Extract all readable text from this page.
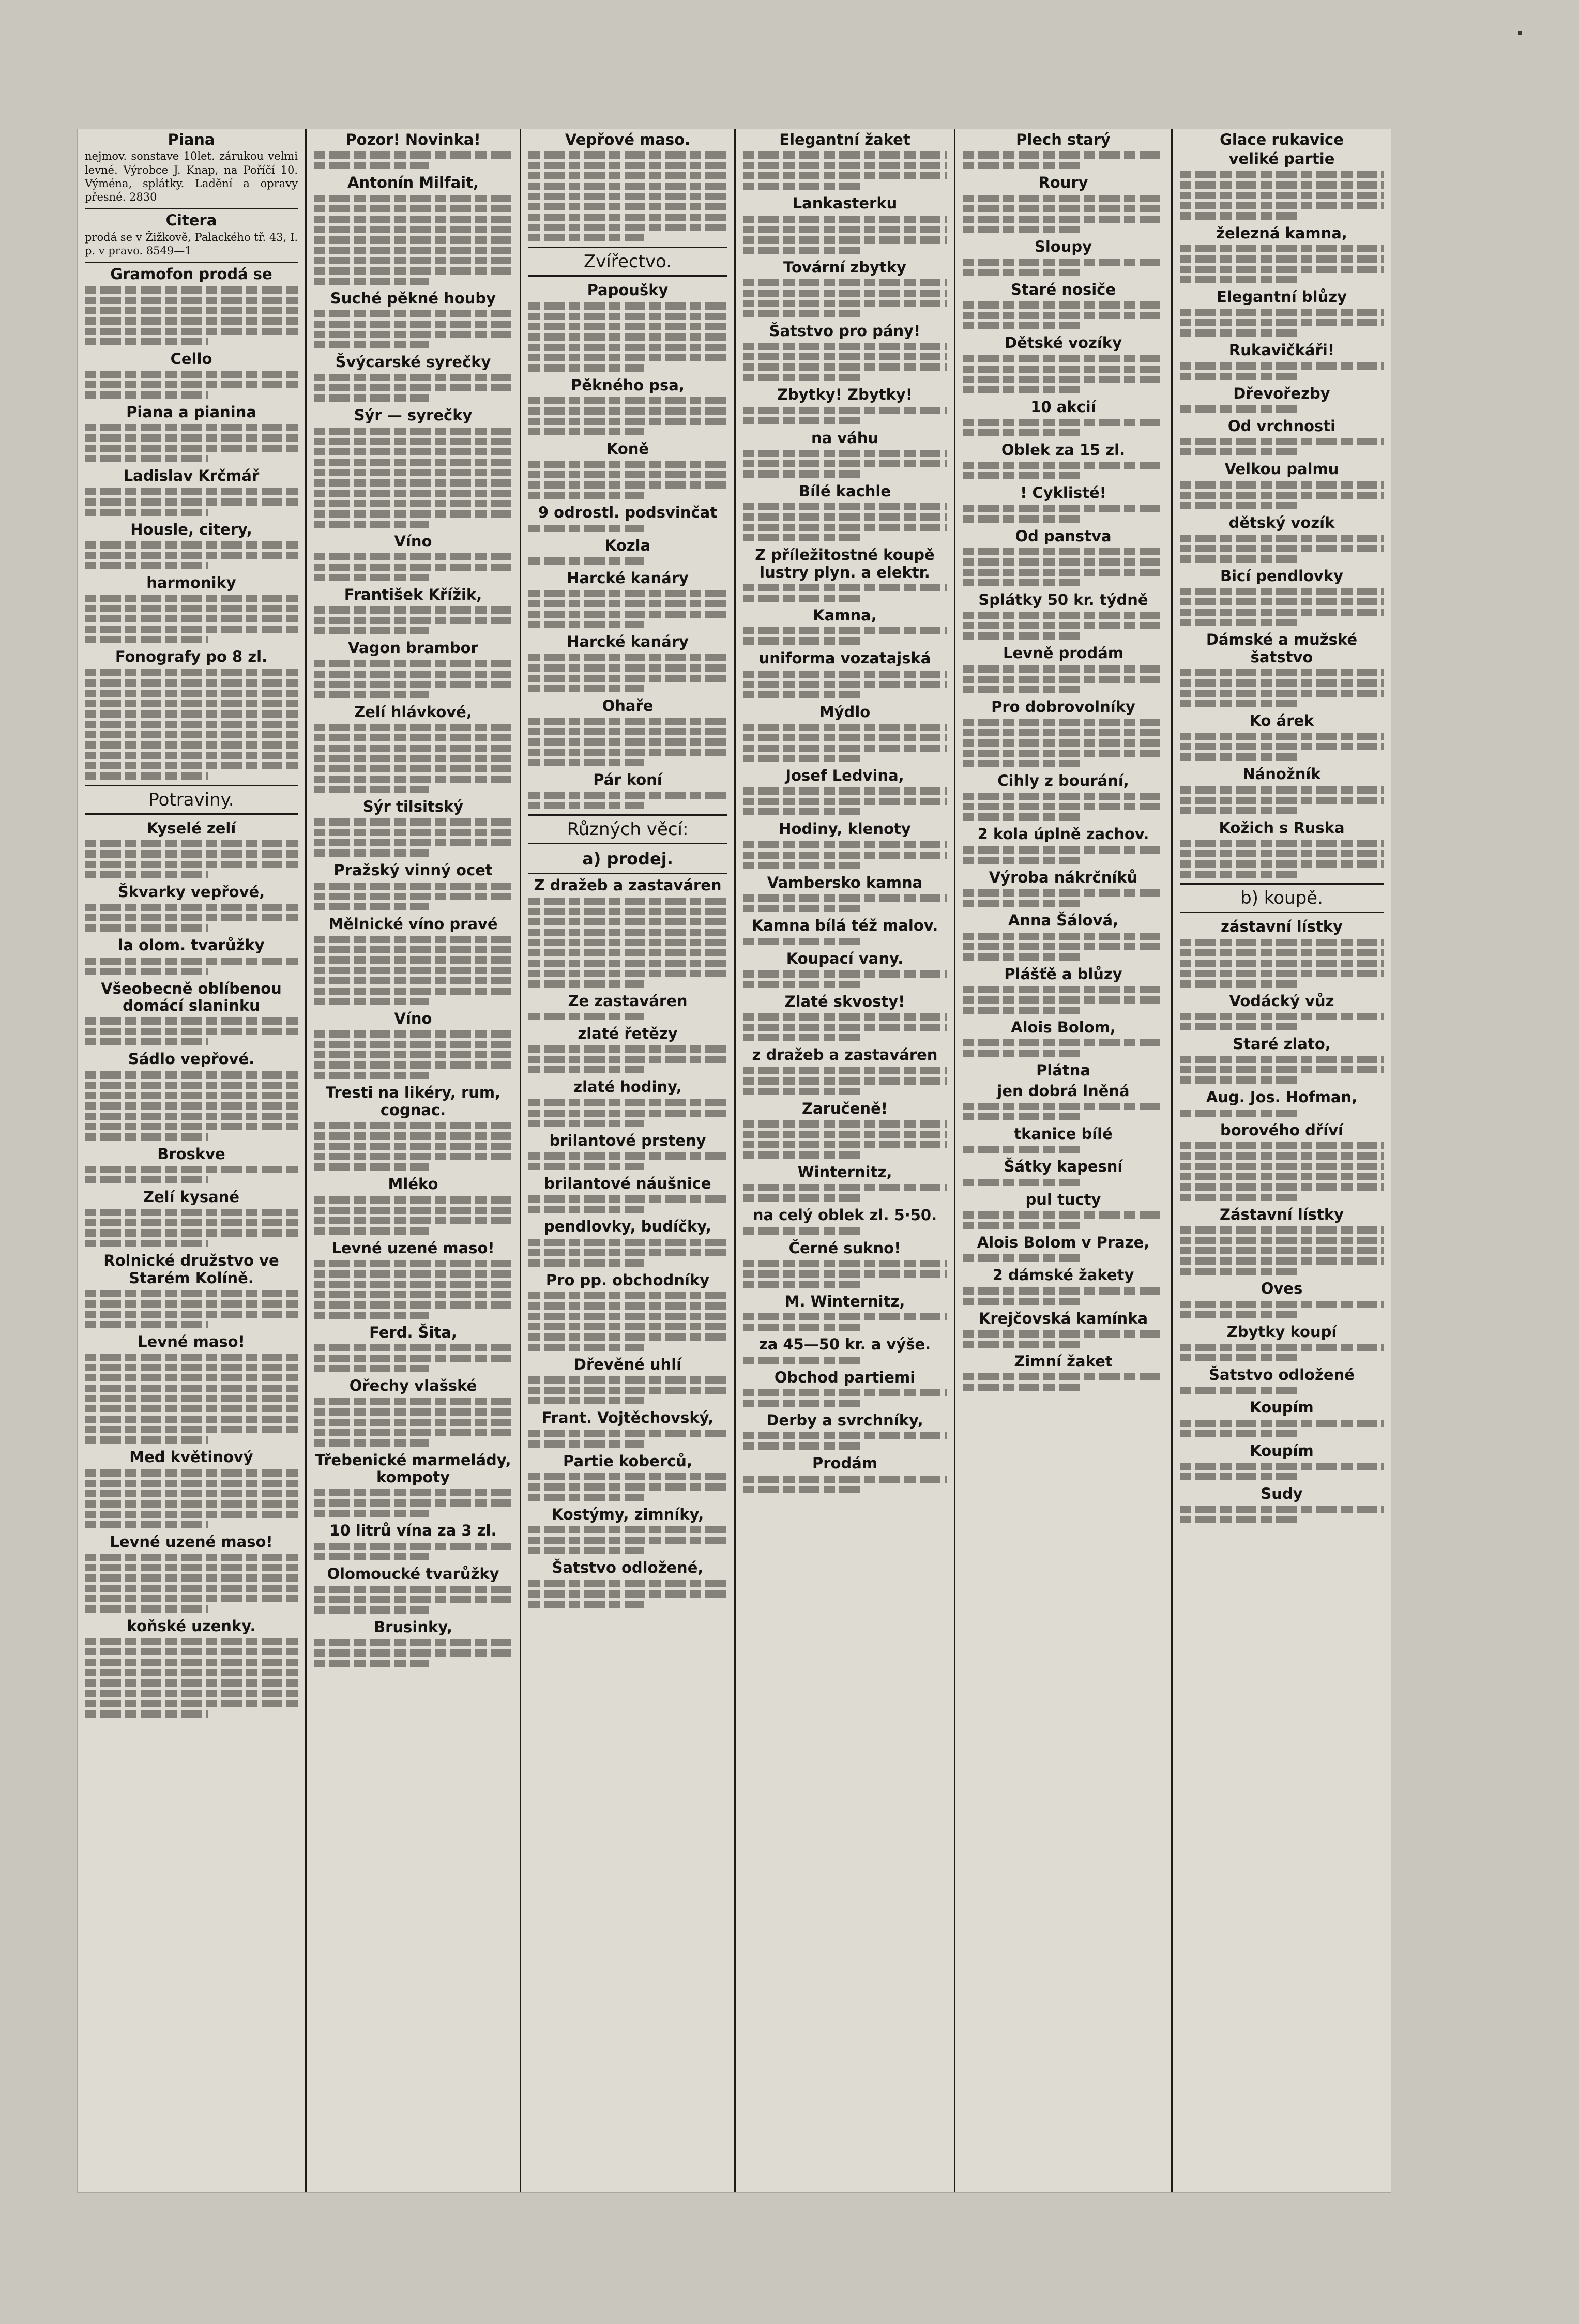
Piana
nejmov. sonstave 10let. zárukou velmi levné. Výrobce J. Knap, na Poříčí 10. Výména, splátky. Ladění a opravy přesné. 2830
Citera
prodá se v Žižkově, Palackého tř. 43, I. p. v pravo. 8549—1
Gramofon prodá se
Cello
Piana a pianina
Ladislav Krčmář
Housle, citery,
harmoniky
Fonografy po 8 zl.
Potraviny.
Kyselé zelí
Škvarky vepřové,
la olom. tvarůžky
Všeobecně oblíbenou domácí slaninku
Sádlo vepřové.
Broskve
Zelí kysané
Rolnické družstvo ve Starém Kolíně.
Levné maso!
Med květinový
Levné uzené maso!
koňské uzenky.
Pozor! Novinka!
Antonín Milfait,
Suché pěkné houby
Švýcarské syrečky
Sýr — syrečky
Víno
František Křížik,
Vagon brambor
Zelí hlávkové,
Sýr tilsitský
Pražský vinný ocet
Mělnické víno pravé
Víno
Tresti na likéry, rum, cognac.
Mléko
Levné uzené maso!
Ferd. Šita,
Ořechy vlašské
Třebenické marmelády, kompoty
10 litrů vína za 3 zl.
Olomoucké tvarůžky
Brusinky,
Vepřové maso.
Zvířectvo.
Papoušky
Pěkného psa,
Koně
9 odrostl. podsvinčat
Kozla
Harcké kanáry
Harcké kanáry
Ohaře
Pár koní
Různých věcí:
a) prodej.
Z dražeb a zastaváren
Ze zastaváren
zlaté řetězy
zlaté hodiny,
brilantové prsteny
brilantové náušnice
pendlovky, budíčky,
Pro pp. obchodníky
Dřevěné uhlí
Frant. Vojtěchovský,
Partie koberců,
Kostýmy, zimníky,
Šatstvo odložené,
Elegantní žaket
Lankasterku
Tovární zbytky
Šatstvo pro pány!
Zbytky! Zbytky!
na váhu
Bílé kachle
Z příležitostné koupě lustry plyn. a elektr.
Kamna,
uniforma vozatajská
Mýdlo
Josef Ledvina,
Hodiny, klenoty
Vambersko kamna
Kamna bílá též malov.
Koupací vany.
Zlaté skvosty!
z dražeb a zastaváren
Zaručeně!
Winternitz,
na celý oblek zl. 5·50.
Černé sukno!
M. Winternitz,
za 45—50 kr. a výše.
Obchod partiemi
Derby a svrchníky,
Prodám
Plech starý
Roury
Sloupy
Staré nosiče
Dětské vozíky
10 akcií
Oblek za 15 zl.
! Cyklisté!
Od panstva
Splátky 50 kr. týdně
Levně prodám
Pro dobrovolníky
Cihly z bourání,
2 kola úplně zachov.
Výroba nákrčníků
Anna Šálová,
Plášťě a blůzy
Alois Bolom,
Plátna
jen dobrá lněná
tkanice bílé
Šátky kapesní
pul tucty
Alois Bolom v Praze,
2 dámské žakety
Krejčovská kamínka
Zimní žaket
Glace rukavice
veliké partie
železná kamna,
Elegantní blůzy
Rukavičkáři!
Dřevořezby
Od vrchnosti
Velkou palmu
dětský vozík
Bicí pendlovky
Dámské a mužské šatstvo
Ko árek
Nánožník
Kožich s Ruska
b) koupě.
zástavní lístky
Vodácký vůz
Staré zlato,
Aug. Jos. Hofman,
borového dříví
Zástavní lístky
Oves
Zbytky koupí
Šatstvo odložené
Koupím
Koupím
Sudy
